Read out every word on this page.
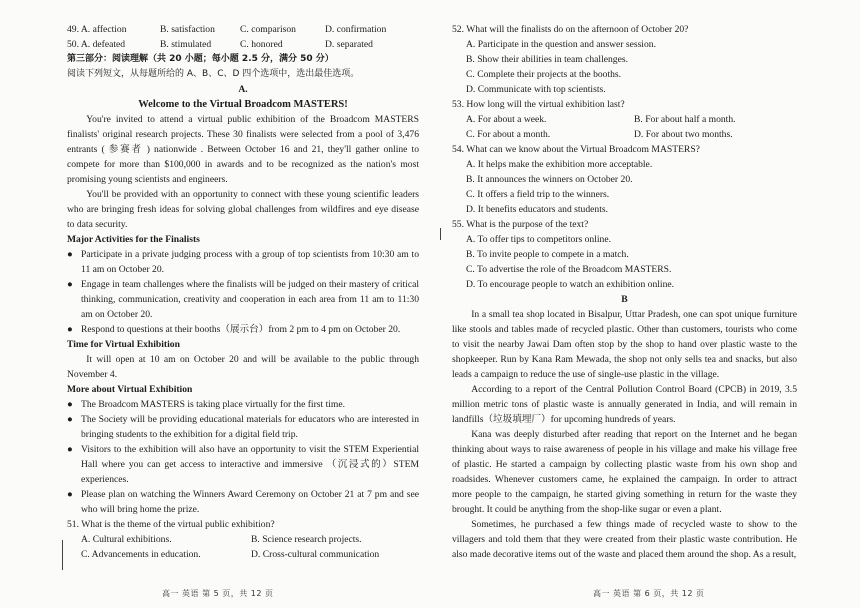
49. A. affection	B. satisfaction	C. comparison	D. confirmation
50. A. defeated	B. stimulated	C. honored	D. separated

第三部分：阅读理解（共 20 小题；每小题 2.5 分，满分 50 分）

阅读下列短文，从每题所给的 A、B、C、D 四个选项中，选出最佳选项。

A.

Welcome to the Virtual Broadcom MASTERS!

You're invited to attend a virtual public exhibition of the Broadcom MASTERS finalists' original research projects. These 30 finalists were selected from a pool of 3,476 entrants ( 参赛者 ) nationwide . Between October 16 and 21, they'll gather online to compete for more than $100,000 in awards and to be recognized as the nation's most promising young scientists and engineers.

You'll be provided with an opportunity to connect with these young scientific leaders who are bringing fresh ideas for solving global challenges from wildfires and eye disease to data security.

Major Activities for the Finalists

● Participate in a private judging process with a group of top scientists from 10:30 am to 11 am on October 20.
● Engage in team challenges where the finalists will be judged on their mastery of critical thinking, communication, creativity and cooperation in each area from 11 am to 11:30 am on October 20.
● Respond to questions at their booths（展示台）from 2 pm to 4 pm on October 20.

Time for Virtual Exhibition

It will open at 10 am on October 20 and will be available to the public through November 4.

More about Virtual Exhibition

● The Broadcom MASTERS is taking place virtually for the first time.
● The Society will be providing educational materials for educators who are interested in bringing students to the exhibition for a digital field trip.
● Visitors to the exhibition will also have an opportunity to visit the STEM Experiential Hall where you can get access to interactive and immersive （沉浸式的）STEM experiences.
● Please plan on watching the Winners Award Ceremony on October 21 at 7 pm and see who will bring home the prize.

51. What is the theme of the virtual public exhibition?

A. Cultural exhibitions.	B. Science research projects.
C. Advancements in education.	D. Cross-cultural communication

52. What will the finalists do on the afternoon of October 20?

A. Participate in the question and answer session.

B. Show their abilities in team challenges.

C. Complete their projects at the booths.

D. Communicate with top scientists.

53. How long will the virtual exhibition last?

A. For about a week.	B. For about half a month.
C. For about a month.	D. For about two months.

54. What can we know about the Virtual Broadcom MASTERS?

A. It helps make the exhibition more acceptable.

B. It announces the winners on October 20.

C. It offers a field trip to the winners.

D. It benefits educators and students.

55. What is the purpose of the text?

A. To offer tips to competitors online.

B. To invite people to compete in a match.

C. To advertise the role of the Broadcom MASTERS.

D. To encourage people to watch an exhibition online.

B

In a small tea shop located in Bisalpur, Uttar Pradesh, one can spot unique furniture like stools and tables made of recycled plastic. Other than customers, tourists who come to visit the nearby Jawai Dam often stop by the shop to hand over plastic waste to the shopkeeper. Run by Kana Ram Mewada, the shop not only sells tea and snacks, but also leads a campaign to reduce the use of single-use plastic in the village.

According to a report of the Central Pollution Control Board (CPCB) in 2019, 3.5 million metric tons of plastic waste is annually generated in India, and will remain in landfills（垃圾填埋厂）for upcoming hundreds of years.

Kana was deeply disturbed after reading that report on the Internet and he began thinking about ways to raise awareness of people in his village and make his village free of plastic. He started a campaign by collecting plastic waste from his own shop and roadsides. Whenever customers came, he explained the campaign. In order to attract more people to the campaign, he started giving something in return for the waste they brought. It could be anything from the shop-like sugar or even a plant.

Sometimes, he purchased a few things made of recycled waste to show to the villagers and told them that they were created from their plastic waste contribution. He also made decorative items out of the waste and placed them around the shop. As a result,

高一 英语 第 5 页，共 12 页	高一 英语 第 6 页，共 12 页
